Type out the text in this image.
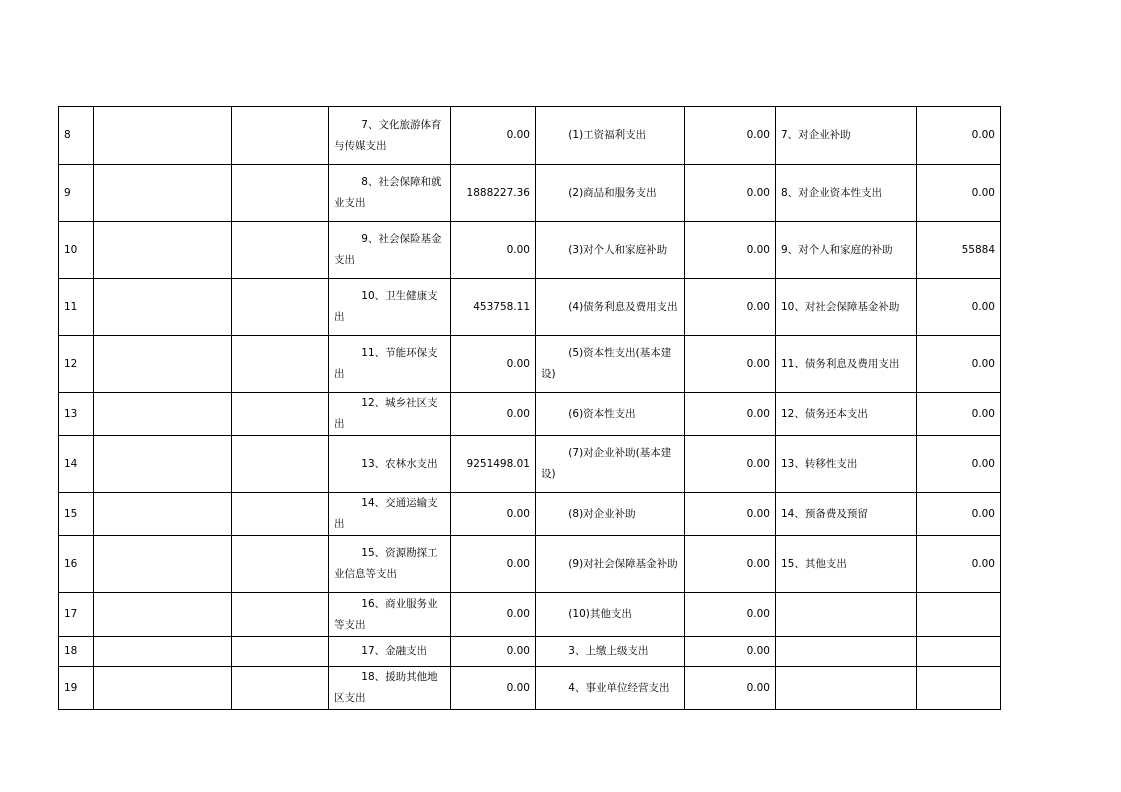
8			7、文化旅游体育与传媒支出	0.00	(1)工资福利支出	0.00	7、对企业补助	0.00
9			8、社会保障和就业支出	1888227.36	(2)商品和服务支出	0.00	8、对企业资本性支出	0.00
10			9、社会保险基金支出	0.00	(3)对个人和家庭补助	0.00	9、对个人和家庭的补助	55884
11			10、卫生健康支出	453758.11	(4)债务利息及费用支出	0.00	10、对社会保障基金补助	0.00
12			11、节能环保支出	0.00	(5)资本性支出(基本建设)	0.00	11、债务利息及费用支出	0.00
13			12、城乡社区支出	0.00	(6)资本性支出	0.00	12、债务还本支出	0.00
14			13、农林水支出	9251498.01	(7)对企业补助(基本建设)	0.00	13、转移性支出	0.00
15			14、交通运输支出	0.00	(8)对企业补助	0.00	14、预备费及预留	0.00
16			15、资源勘探工业信息等支出	0.00	(9)对社会保障基金补助	0.00	15、其他支出	0.00
17			16、商业服务业等支出	0.00	(10)其他支出	0.00		
18			17、金融支出	0.00	3、上缴上级支出	0.00		
19			18、援助其他地区支出	0.00	4、事业单位经营支出	0.00		
